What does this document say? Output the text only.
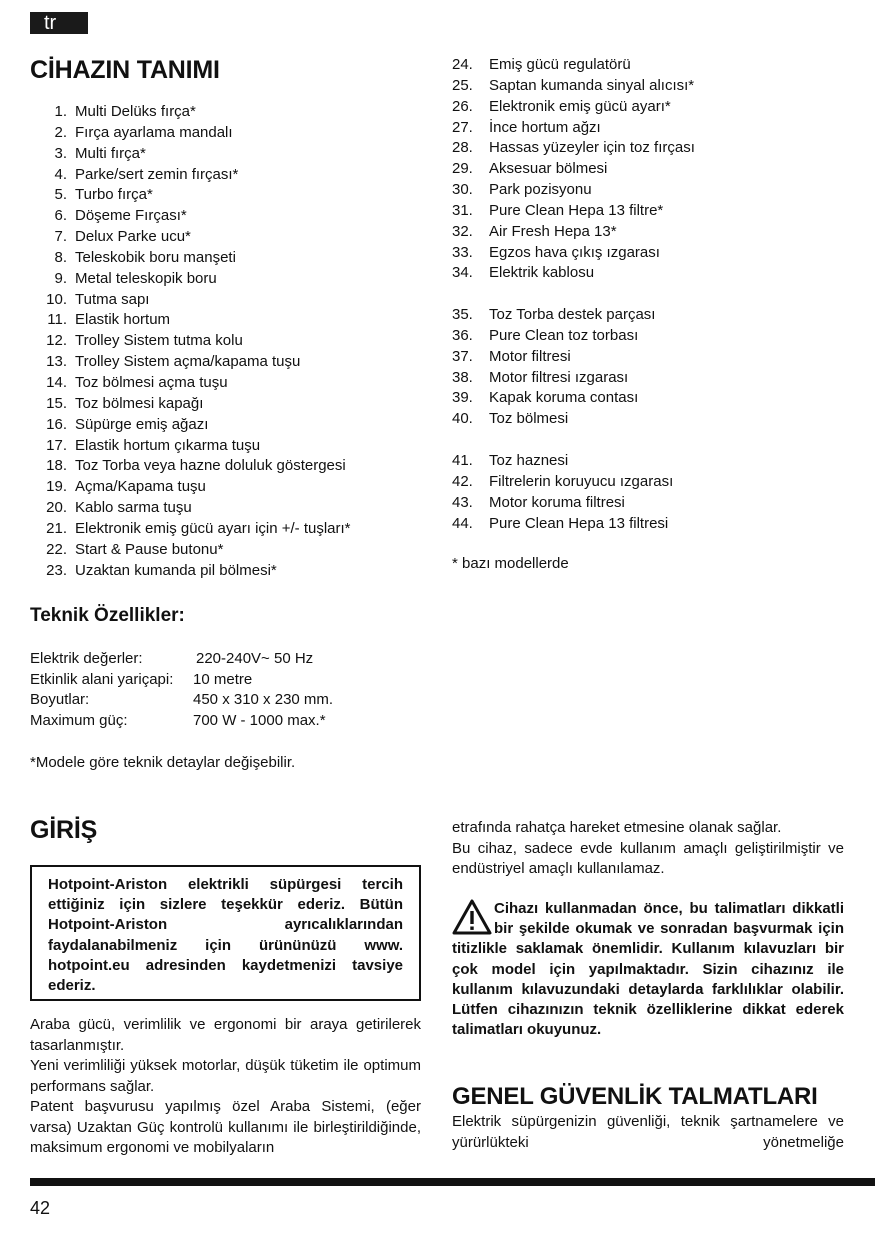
tr
CİHAZIN TANIMI
1. Multi Delüks fırça*
2. Fırça ayarlama mandalı
3. Multi fırça*
4. Parke/sert zemin fırçası*
5. Turbo fırça*
6. Döşeme Fırçası*
7. Delux Parke ucu*
8. Teleskobik boru manşeti
9. Metal teleskopik boru
10. Tutma sapı
11. Elastik hortum
12. Trolley Sistem tutma kolu
13. Trolley Sistem açma/kapama tuşu
14. Toz bölmesi açma tuşu
15. Toz bölmesi kapağı
16. Süpürge emiş ağazı
17. Elastik hortum çıkarma tuşu
18. Toz Torba veya hazne doluluk göstergesi
19. Açma/Kapama tuşu
20. Kablo sarma tuşu
21. Elektronik emiş gücü ayarı için +/- tuşları*
22. Start & Pause butonu*
23. Uzaktan kumanda pil bölmesi*
24.	Emiş gücü regulatörü
25.	Saptan kumanda sinyal alıcısı*
26.	Elektronik emiş gücü ayarı*
27.	İnce hortum ağzı
28.	Hassas yüzeyler için toz fırçası
29.	Aksesuar bölmesi
30.	Park pozisyonu
31.	Pure Clean Hepa 13 filtre*
32.	Air Fresh Hepa 13*
33.	Egzos hava çıkış ızgarası
34.	Elektrik kablosu
35.	Toz Torba destek parçası
36.	Pure Clean toz torbası
37.	Motor filtresi
38.	Motor filtresi ızgarası
39.	Kapak koruma contası
40.	Toz bölmesi
41.	Toz haznesi
42.	Filtrelerin koruyucu ızgarası
43.	Motor koruma filtresi
44.	Pure Clean Hepa 13 filtresi
* bazı modellerde
Teknik Özellikler:
Elektrik değerler:	220-240V~ 50 Hz
Etkinlik alani yariçapi: 10 metre
Boyutlar:	450 x 310 x 230 mm.
Maximum güç:	700 W - 1000 max.*
*Modele göre teknik detaylar değişebilir.
GİRİŞ
Hotpoint-Ariston elektrikli süpürgesi tercih ettiğiniz için sizlere teşekkür ederiz. Bütün Hotpoint-Ariston ayrıcalıklarından faydalanabilmeniz için ürününüzü www. hotpoint.eu adresinden kaydetmenizi tavsiye ederiz.

Araba gücü, verimlilik ve ergonomi bir araya getirilerek tasarlanmıştır.

Yeni verimliliği yüksek motorlar, düşük tüketim ile optimum performans sağlar.

Patent başvurusu yapılmış özel Araba Sistemi, (eğer varsa) Uzaktan Güç kontrolü kullanımı ile birleştirildiğinde, maksimum ergonomi ve mobilyaların

etrafında rahatça hareket etmesine olanak sağlar.

Bu cihaz, sadece evde kullanım amaçlı geliştirilmiştir ve endüstriyel amaçlı kullanılamaz.

Cihazı kullanmadan önce, bu talimatları dikkatli bir şekilde okumak ve sonradan başvurmak için titizlikle saklamak önemlidir. Kullanım kılavuzları bir çok model için yapılmaktadır. Sizin cihazınız ile kullanım kılavuzundaki detaylarda farklılıklar olabilir. Lütfen cihazınızın teknik özelliklerine dikkat ederek talimatları okuyunuz.
GENEL GÜVENLİK TALMATLARI
Elektrik süpürgenizin güvenliği, teknik şartnamelere ve yürürlükteki yönetmeliğe
42
